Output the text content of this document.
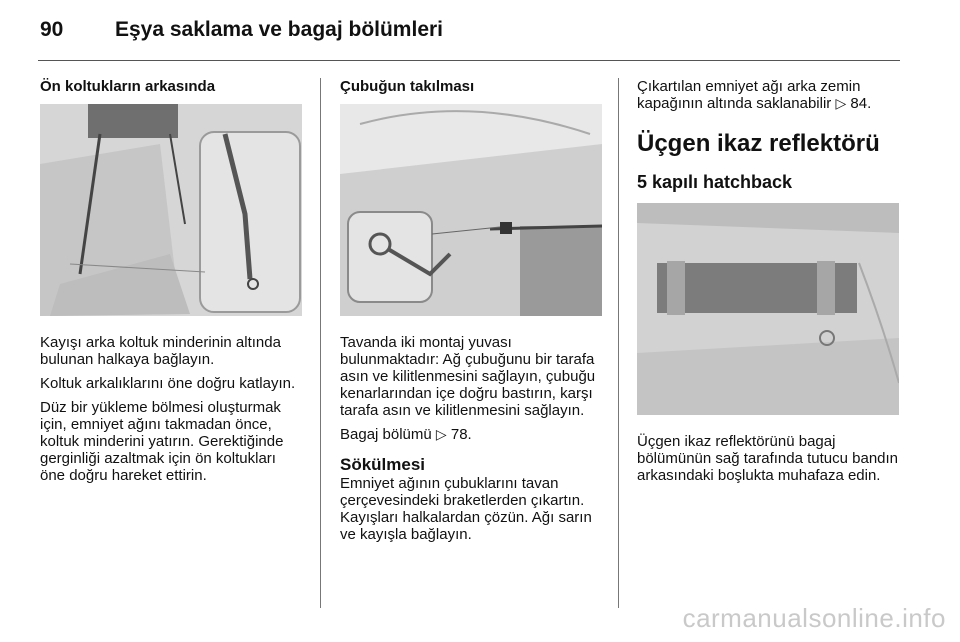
90 Eşya saklama ve bagaj bölümleri
Ön koltukların arkasında

Kayışı arka koltuk minderinin altında bulunan halkaya bağlayın.

Koltuk arkalıklarını öne doğru katlayın.

Düz bir yükleme bölmesi oluşturmak için, emniyet ağını takmadan önce, koltuk minderini yatırın. Gerektiğinde gerginliği azaltmak için ön koltukları öne doğru hareket ettirin.

Çubuğun takılması

Tavanda iki montaj yuvası bulunmaktadır: Ağ çubuğunu bir tarafa asın ve kilitlenmesini sağlayın, çubuğu kenarlarından içe doğru bastırın, karşı tarafa asın ve kilitlenmesini sağlayın.

Bagaj bölümü ▷ 78.

Sökülmesi

Emniyet ağının çubuklarını tavan çerçevesindeki braketlerden çıkartın. Kayışları halkalardan çözün. Ağı sarın ve kayışla bağlayın.

Çıkartılan emniyet ağı arka zemin kapağının altında saklanabilir ▷ 84.

Üçgen ikaz reflektörü
5 kapılı hatchback

Üçgen ikaz reflektörünü bagaj bölümünün sağ tarafında tutucu bandın arkasındaki boşlukta muhafaza edin.

carmanualsonline.info
